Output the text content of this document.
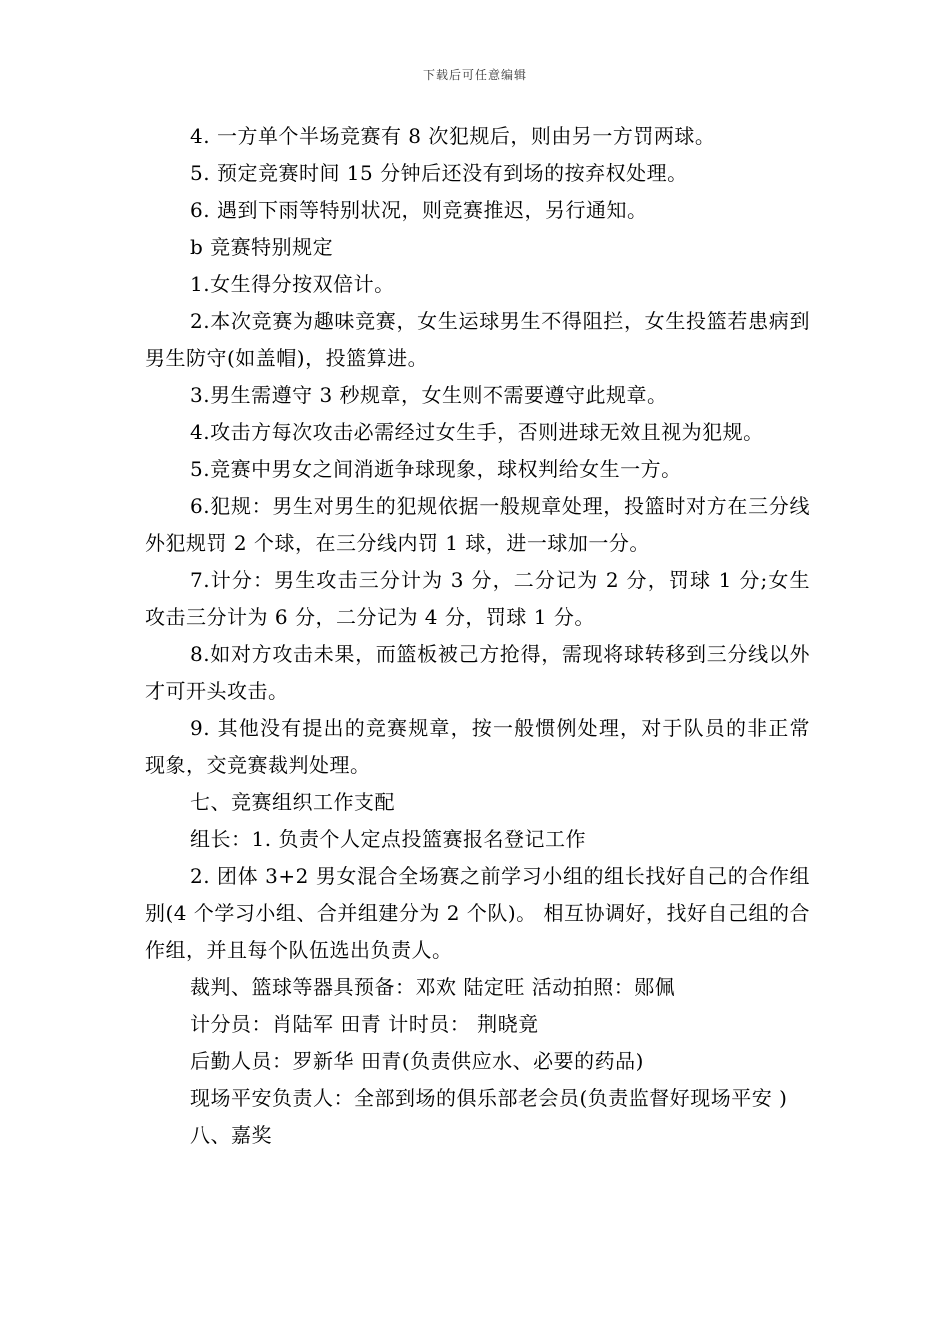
下载后可任意编辑

4. 一方单个半场竞赛有 8 次犯规后，则由另一方罚两球。

5. 预定竞赛时间 15 分钟后还没有到场的按弃权处理。

6. 遇到下雨等特别状况，则竞赛推迟，另行通知。

b 竞赛特别规定

1.女生得分按双倍计。

2.本次竞赛为趣味竞赛，女生运球男生不得阻拦，女生投篮若患病到男生防守(如盖帽)，投篮算进。

3.男生需遵守 3 秒规章，女生则不需要遵守此规章。

4.攻击方每次攻击必需经过女生手，否则进球无效且视为犯规。

5.竞赛中男女之间消逝争球现象，球权判给女生一方。

6.犯规：男生对男生的犯规依据一般规章处理，投篮时对方在三分线外犯规罚 2 个球，在三分线内罚 1 球，进一球加一分。

7.计分：男生攻击三分计为 3 分，二分记为 2 分，罚球 1 分;女生攻击三分计为 6 分，二分记为 4 分，罚球 1 分。

8.如对方攻击未果，而篮板被己方抢得，需现将球转移到三分线以外才可开头攻击。

9. 其他没有提出的竞赛规章，按一般惯例处理，对于队员的非正常现象，交竞赛裁判处理。

七、竞赛组织工作支配

组长：1. 负责个人定点投篮赛报名登记工作

2. 团体 3+2 男女混合全场赛之前学习小组的组长找好自己的合作组别(4 个学习小组、合并组建分为 2 个队)。 相互协调好，找好自己组的合作组，并且每个队伍选出负责人。

裁判、篮球等器具预备：邓欢 陆定旺 活动拍照：郧佩

计分员：肖陆军 田青 计时员： 荆晓竟

后勤人员：罗新华 田青(负责供应水、必要的药品)

现场平安负责人：全部到场的俱乐部老会员(负责监督好现场平安 )

八、嘉奖
